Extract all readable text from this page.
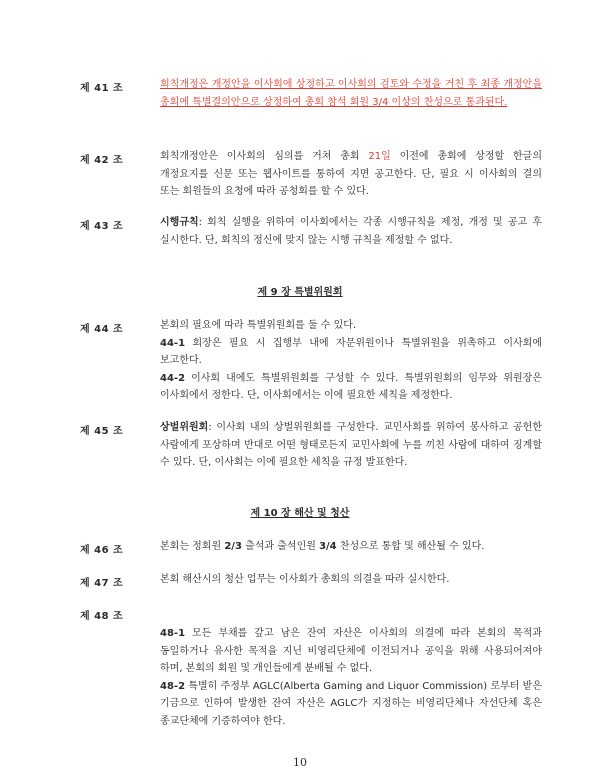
제 41 조	회칙개정은 개정안을 이사회에 상정하고 이사회의 검토와 수정을 거친 후 최종 개정안을 총회에 특별결의안으로 상정하여 총회 참석 회원 3/4 이상의 찬성으로 통과된다.
제 42 조	회칙개정안은 이사회의 심의를 거쳐 총회 21일 이전에 총회에 상정할 한글의 개정요지를 신문 또는 웹사이트를 통하여 지면 공고한다. 단, 필요 시 이사회의 결의 또는 회원들의 요청에 따라 공청회를 할 수 있다.
제 43 조	시행규칙: 회칙 실행을 위하여 이사회에서는 각종 시행규칙을 제정, 개정 및 공고 후 실시한다. 단, 회칙의 정신에 맞지 않는 시행 규칙을 제정할 수 없다.
제 9 장 특별위원회
제 44 조	본회의 필요에 따라 특별위원회를 둘 수 있다.
44-1 회장은 필요 시 집행부 내에 자문위원이나 특별위원을 위촉하고 이사회에 보고한다.
44-2 이사회 내에도 특별위원회를 구성할 수 있다. 특별위원회의 임무와 위원장은 이사회에서 정한다. 단, 이사회에서는 이에 필요한 세칙을 제정한다.
제 45 조	상벌위원회: 이사회 내의 상벌위원회를 구성한다. 교민사회를 위하여 봉사하고 공헌한 사람에게 포상하며 반대로 어떤 형태로든지 교민사회에 누를 끼친 사람에 대하여 징계할 수 있다. 단, 이사회는 이에 필요한 세칙을 규정 발표한다.
제 10 장 해산 및 청산
제 46 조	본회는 정회원 2/3 출석과 출석인원 3/4 찬성으로 통합 및 해산될 수 있다.
제 47 조	본회 해산시의 청산 업무는 이사회가 총회의 의결을 따라 실시한다.
제 48 조
48-1 모든 부채를 갚고 남은 잔여 자산은 이사회의 의결에 따라 본회의 목적과 동일하거나 유사한 목적을 지닌 비영리단체에 이전되거나 공익을 위해 사용되어져야 하며, 본회의 회원 및 개인들에게 분배될 수 없다.
48-2 특별히 주정부 AGLC(Alberta Gaming and Liquor Commission) 로부터 받은 기금으로 인하여 발생한 잔여 자산은 AGLC가 지정하는 비영리단체나 자선단체 혹은 종교단체에 기증하여야 한다.
10
